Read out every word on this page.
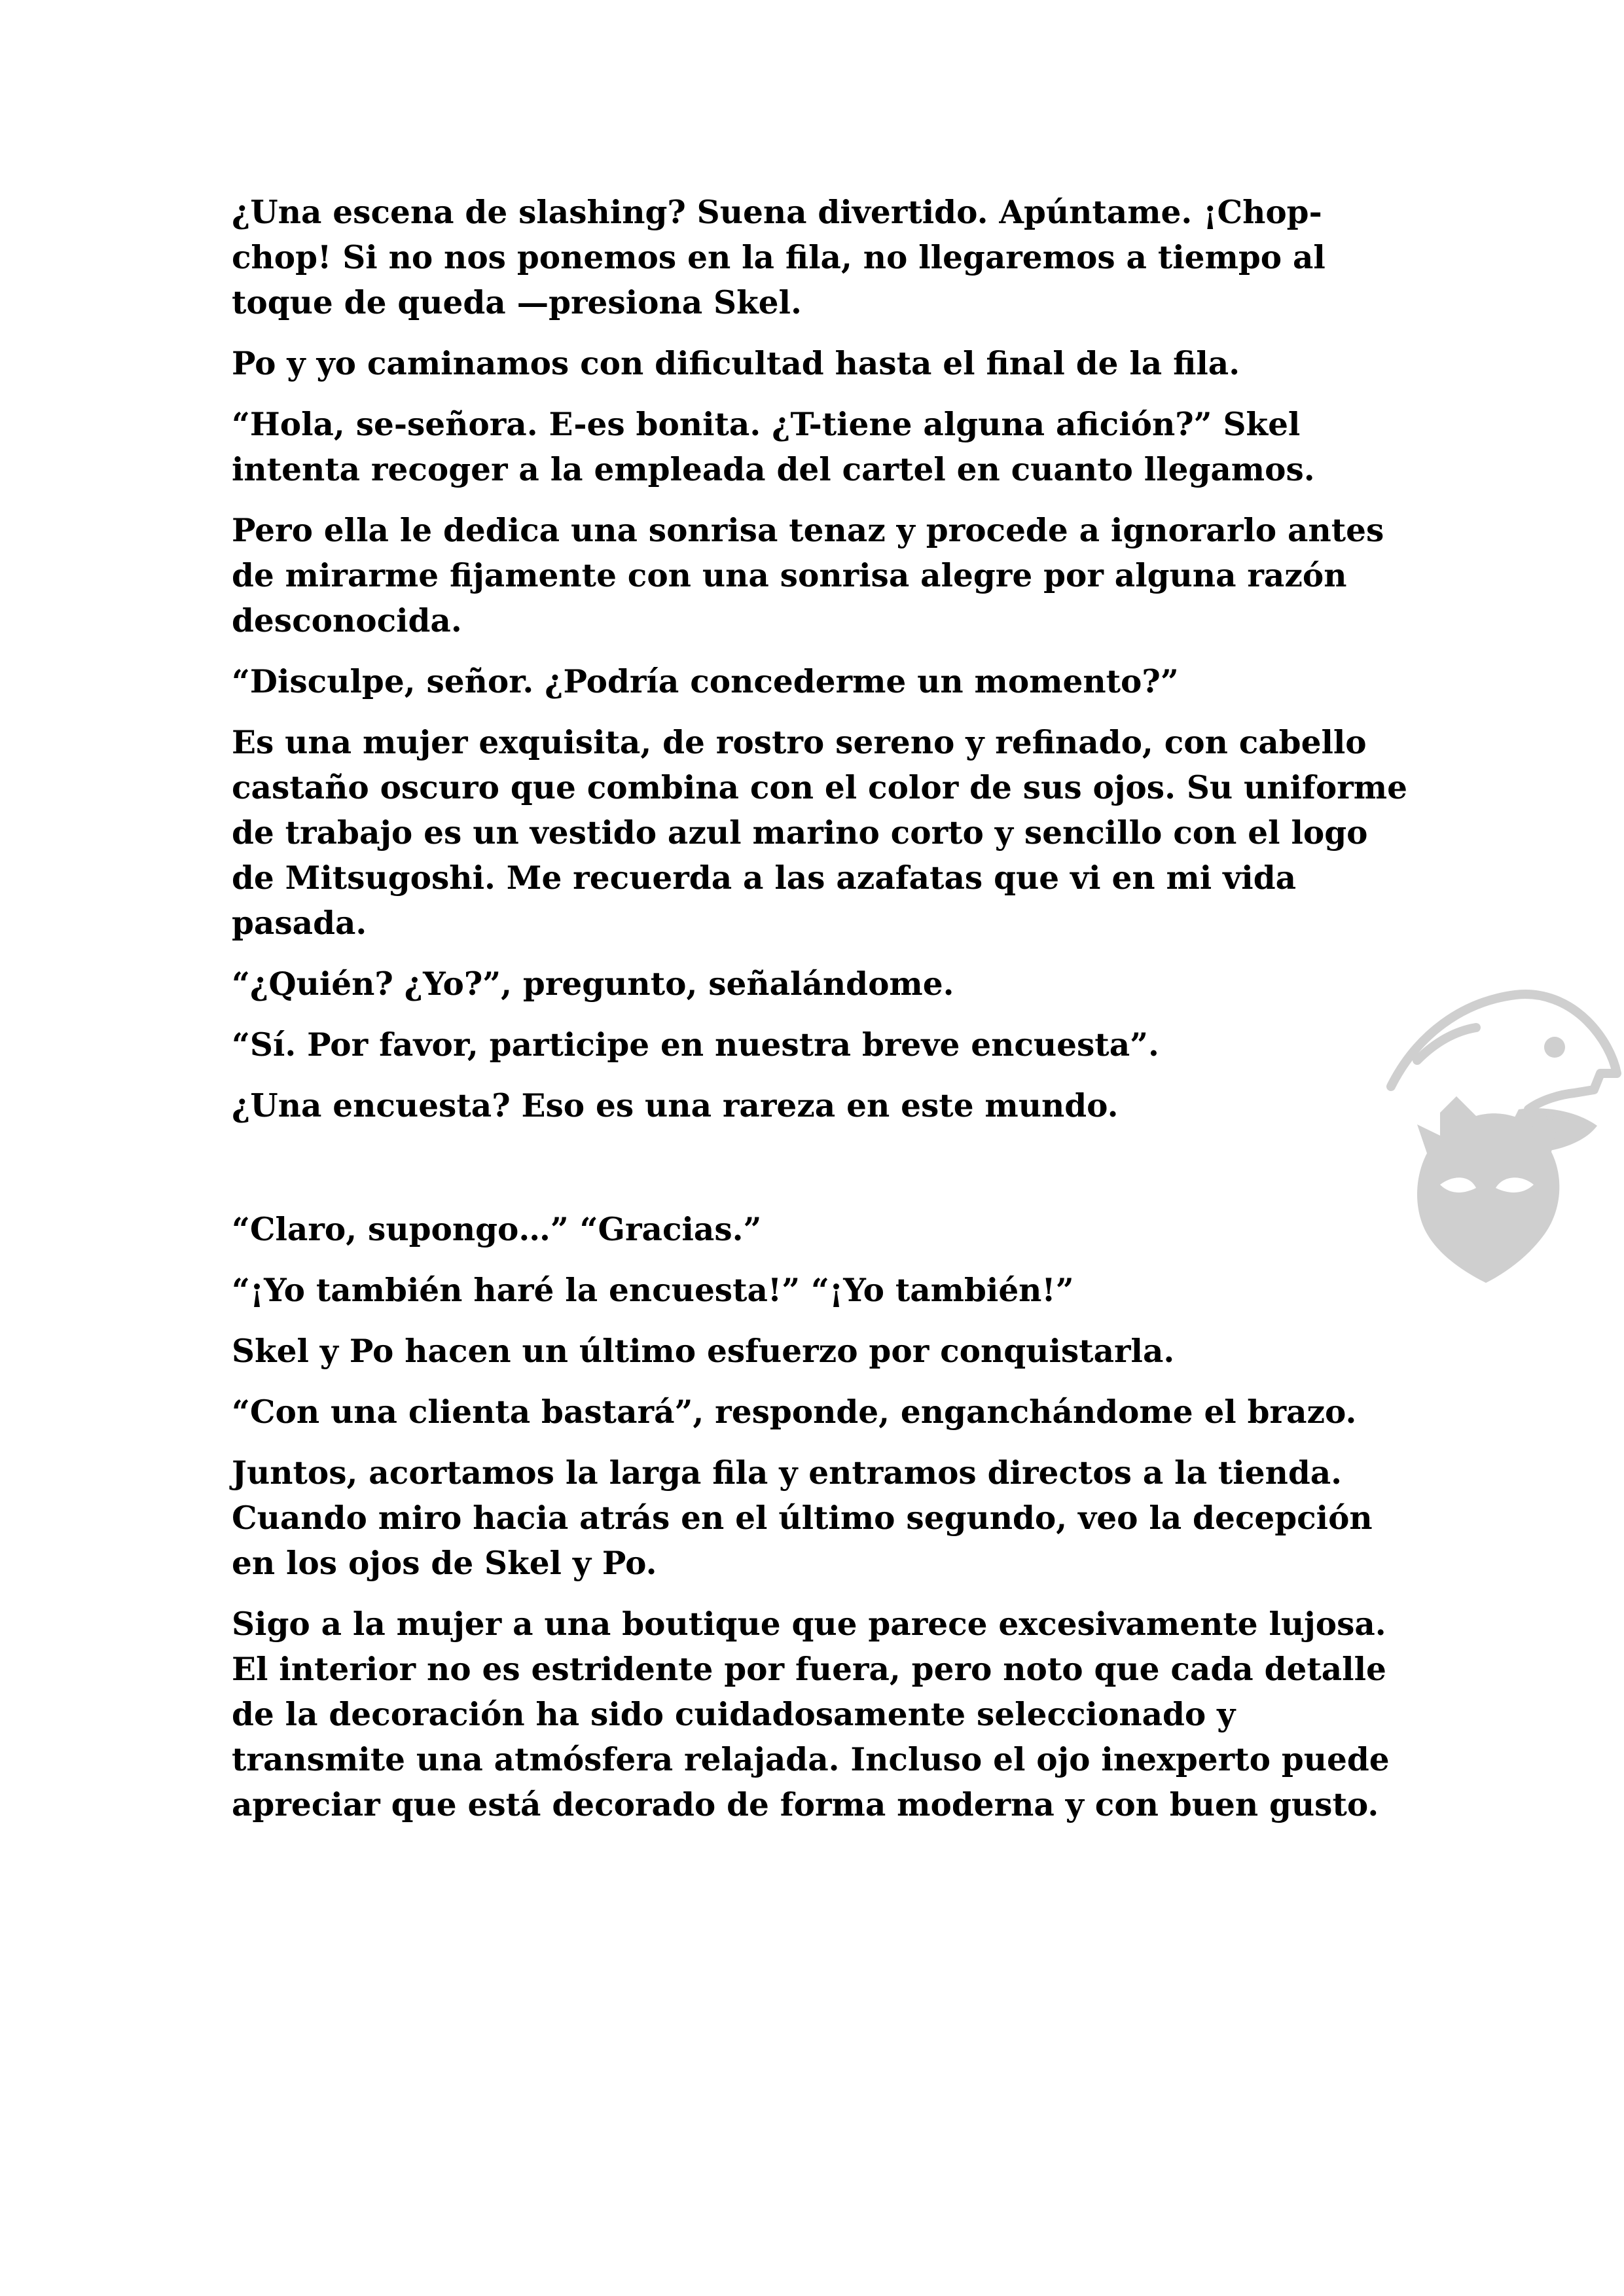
¿Una escena de slashing? Suena divertido. Apúntame. ¡Chop-chop! Si no nos ponemos en la fila, no llegaremos a tiempo al toque de queda —presiona Skel.

Po y yo caminamos con dificultad hasta el final de la fila.

“Hola, se-señora. E-es bonita. ¿T-tiene alguna afición?” Skel intenta recoger a la empleada del cartel en cuanto llegamos.

Pero ella le dedica una sonrisa tenaz y procede a ignorarlo antes de mirarme fijamente con una sonrisa alegre por alguna razón desconocida.

“Disculpe, señor. ¿Podría concederme un momento?”

Es una mujer exquisita, de rostro sereno y refinado, con cabello castaño oscuro que combina con el color de sus ojos. Su uniforme de trabajo es un vestido azul marino corto y sencillo con el logo de Mitsugoshi. Me recuerda a las azafatas que vi en mi vida pasada.

“¿Quién? ¿Yo?”, pregunto, señalándome.

“Sí. Por favor, participe en nuestra breve encuesta”.

¿Una encuesta? Eso es una rareza en este mundo.

“Claro, supongo…” “Gracias.”

“¡Yo también haré la encuesta!” “¡Yo también!”

Skel y Po hacen un último esfuerzo por conquistarla.

“Con una clienta bastará”, responde, enganchándome el brazo.

Juntos, acortamos la larga fila y entramos directos a la tienda. Cuando miro hacia atrás en el último segundo, veo la decepción en los ojos de Skel y Po.

Sigo a la mujer a una boutique que parece excesivamente lujosa. El interior no es estridente por fuera, pero noto que cada detalle de la decoración ha sido cuidadosamente seleccionado y transmite una atmósfera relajada. Incluso el ojo inexperto puede apreciar que está decorado de forma moderna y con buen gusto.
